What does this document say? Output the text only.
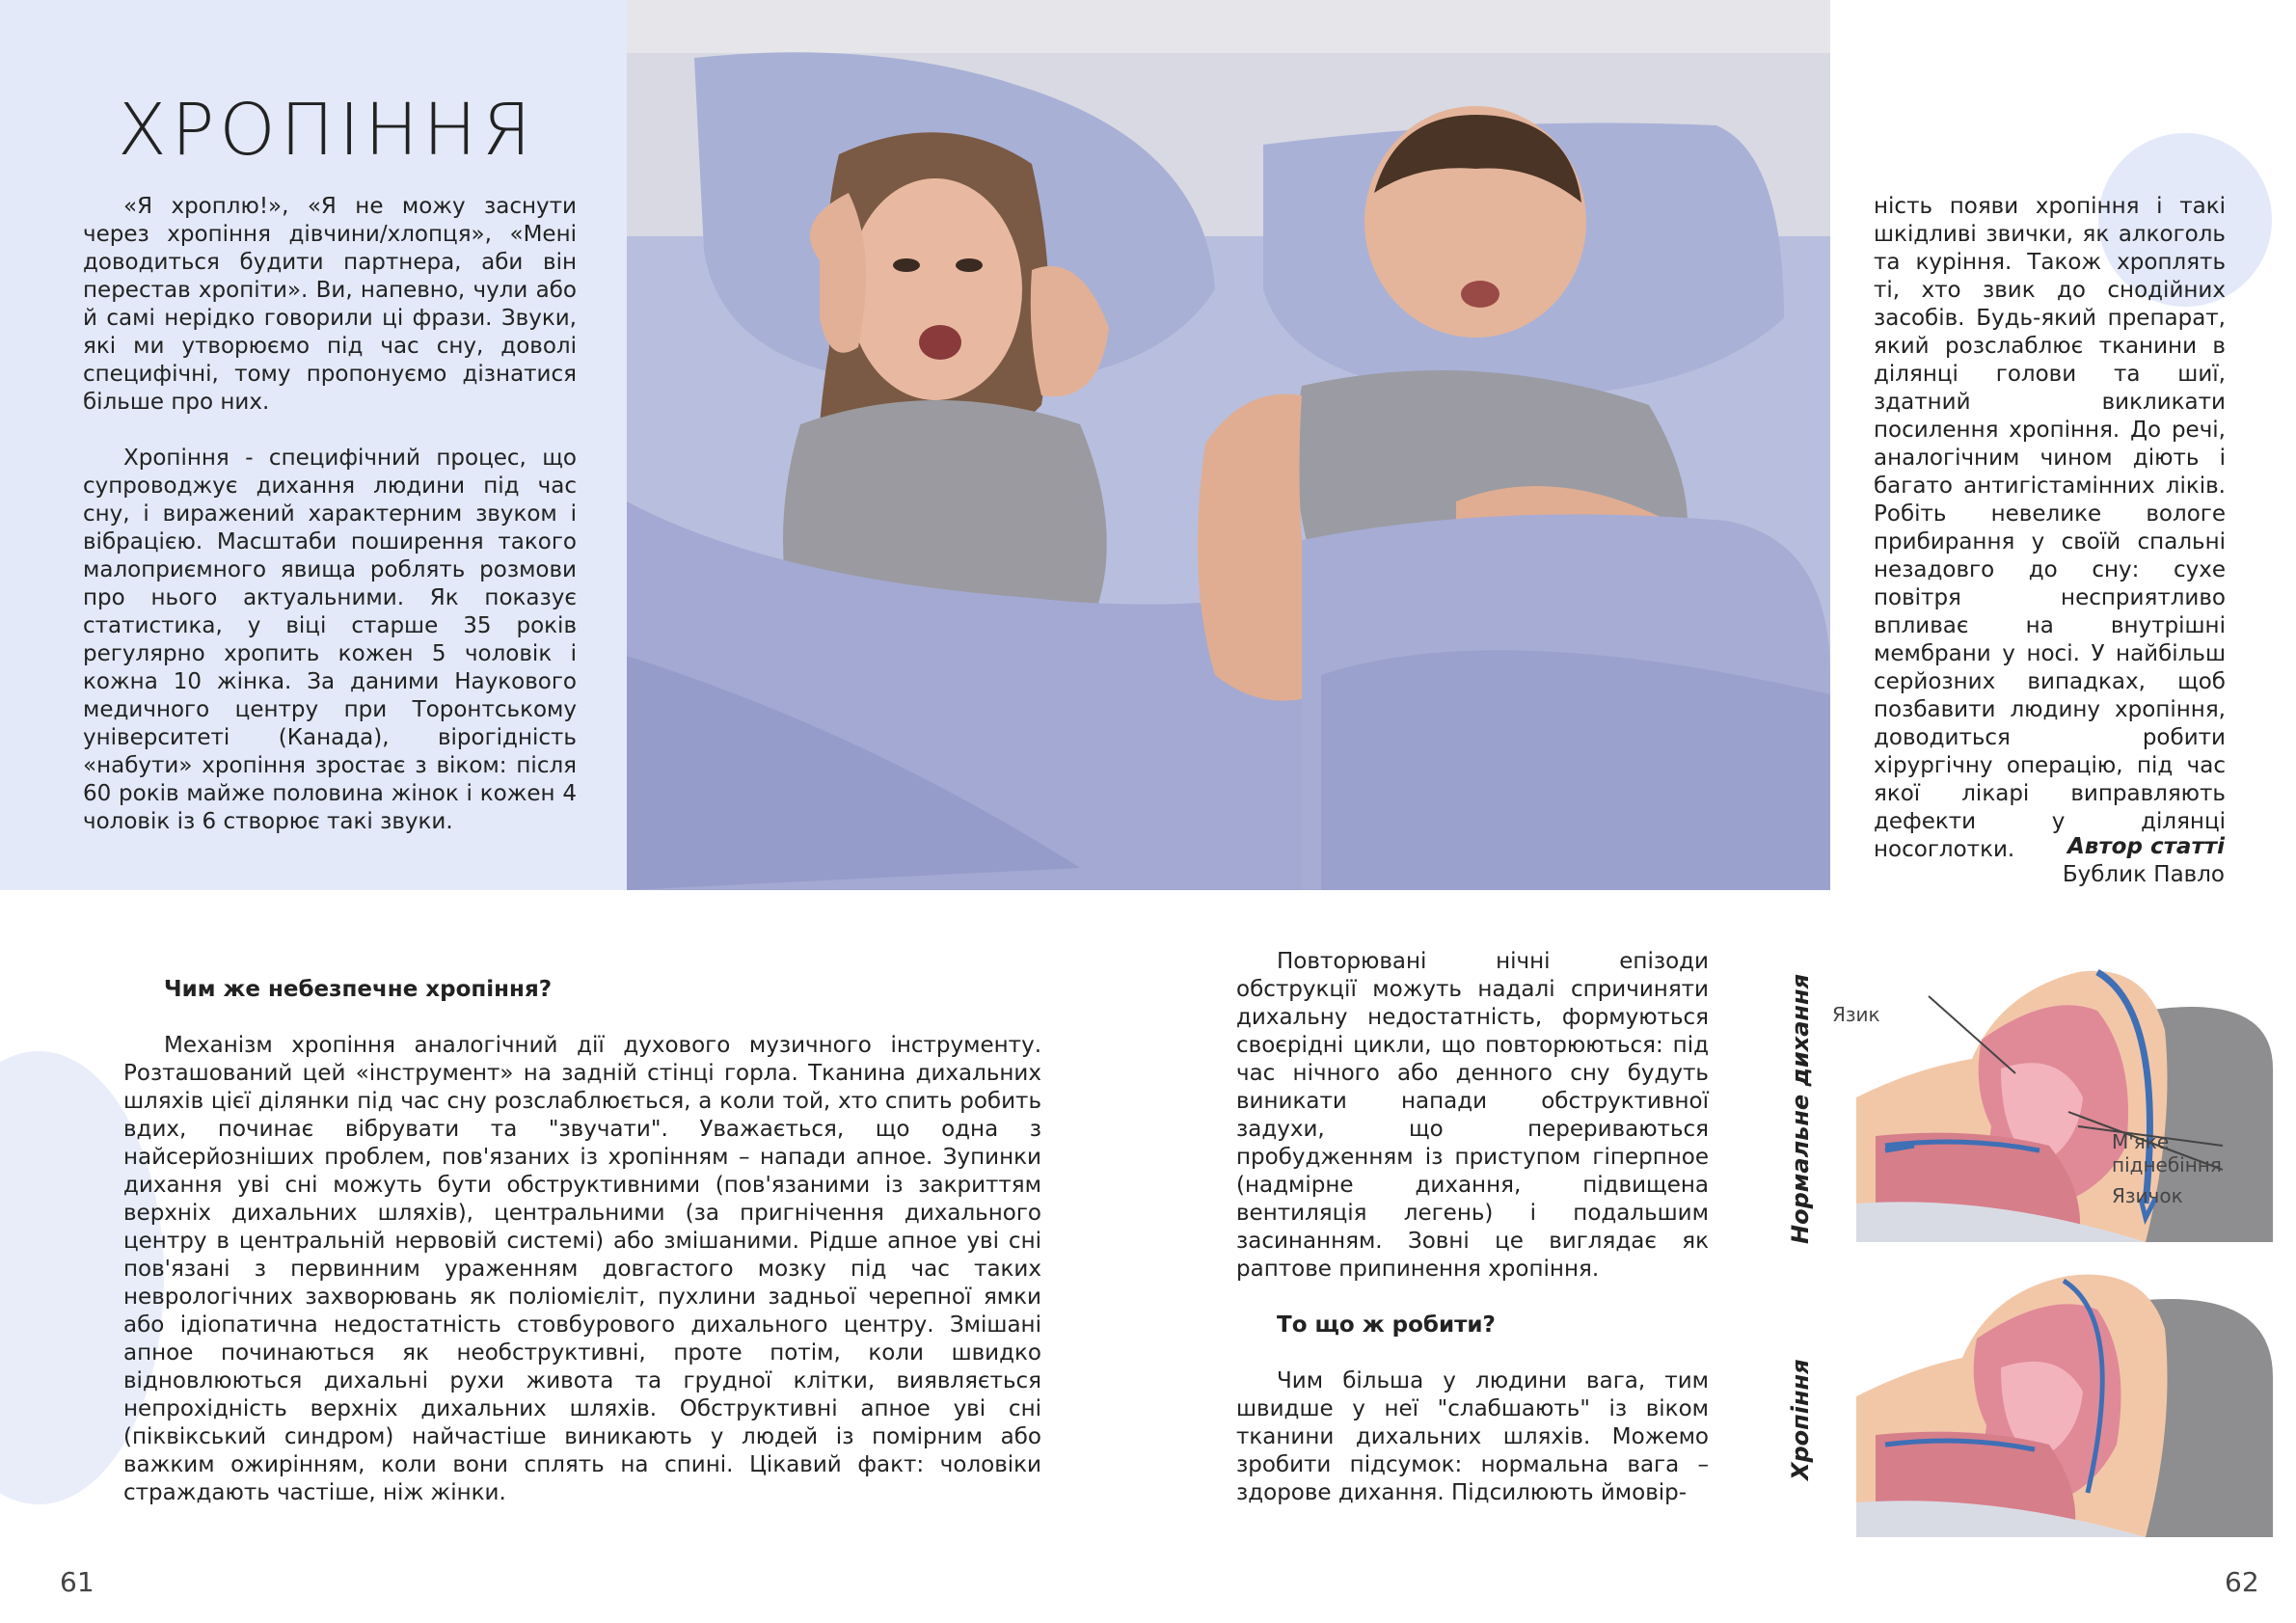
ХРОПІННЯ

«Я хроплю!», «Я не можу заснути через хропіння дівчини/хлопця», «Мені доводиться будити партнера, аби він перестав хропіти». Ви, напевно, чули або й самі нерідко говорили ці фрази. Звуки, які ми утворюємо під час сну, доволі специфічні, тому пропонуємо дізнатися більше про них.

Хропіння - специфічний процес, що супроводжує дихання людини під час сну, і виражений характерним звуком і вібрацією. Масштаби поширення такого малоприємного явища роблять розмови про нього актуальними. Як показує статистика, у віці старше 35 років регулярно хропить кожен 5 чоловік і кожна 10 жінка. За даними Наукового медичного центру при Торонтському університеті (Канада), вірогідність «набути» хропіння зростає з віком: після 60 років майже половина жінок і кожен 4 чоловік із 6 створює такі звуки.

ність появи хропіння і такі шкідливі звички, як алкоголь та куріння. Також хроплять ті, хто звик до снодійних засобів. Будь-який препарат, який розслаблює тканини в ділянці голови та шиї, здатний викликати посилення хропіння. До речі, аналогічним чином діють і багато антигістамінних ліків. Робіть невелике вологе прибирання у своїй спальні незадовго до сну: сухе повітря несприятливо впливає на внутрішні мембрани у носі. У найбільш серйозних випадках, щоб позбавити людину хропіння, доводиться робити хірургічну операцію, під час якої лікарі виправляють дефекти у ділянці носоглотки.	Автор статті
Бублик Павло

Чим же небезпечне хропіння?

Механізм хропіння аналогічний дії духового музичного інструменту. Розташований цей «інструмент» на задній стінці горла. Тканина дихальних шляхів цієї ділянки під час сну розслаблюється, а коли той, хто спить робить вдих, починає вібрувати та "звучати". Уважається, що одна з найсерйозніших проблем, пов'язаних із хропінням – напади апное. Зупинки дихання уві сні можуть бути обструктивними (пов'язаними із закриттям верхніх дихальних шляхів), центральними (за пригнічення дихального центру в центральній нервовій системі) або змішаними. Рідше апное уві сні пов'язані з первинним ураженням довгастого мозку під час таких неврологічних захворювань як поліомієліт, пухлини задньої черепної ямки або ідіопатична недостатність стовбурового дихального центру. Змішані апное починаються як необструктивні, проте потім, коли швидко відновлюються дихальні рухи живота та грудної клітки, виявляється непрохідність верхніх дихальних шляхів. Обструктивні апное уві сні (піквікський синдром) найчастіше виникають у людей із помірним або важким ожирінням, коли вони сплять на спині. Цікавий факт: чоловіки страждають частіше, ніж жінки.

Повторювані нічні епізоди обструкції можуть надалі спричиняти дихальну недостатність, формуються своєрідні цикли, що повторюються: під час нічного або денного сну будуть виникати напади обструктивної задухи, що перериваються пробудженням із приступом гіперпное (надмірне дихання, підвищена вентиляція легень) і подальшим засинанням. Зовні це виглядає як раптове припинення хропіння.

То що ж робити?

Чим більша у людини вага, тим швидше у неї "слабшають" із віком тканини дихальних шляхів. Можемо зробити підсумок: нормальна вага – здорове дихання. Підсилюють ймовір-

Язик
М'яке
піднебіння
Язичок
Нормальне дихання
Хропіння
61	62
